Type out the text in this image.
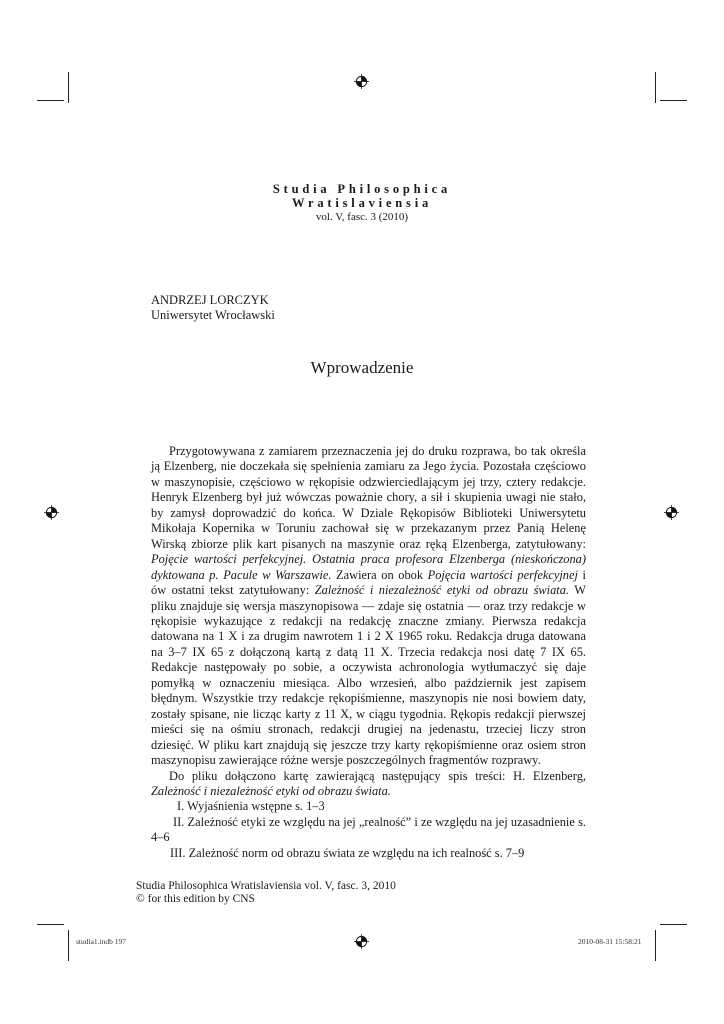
Studia Philosophica
Wratislaviensia
vol. V, fasc. 3 (2010)
ANDRZEJ LORCZYK
Uniwersytet Wrocławski
Wprowadzenie

Przygotowywana z zamiarem przeznaczenia jej do druku rozprawa, bo tak określa ją Elzenberg, nie doczekała się spełnienia zamiaru za Jego życia. Pozostała częściowo w maszynopisie, częściowo w rękopisie odzwierciedlającym jej trzy, cztery redakcje. Henryk Elzenberg był już wówczas poważnie chory, a sił i skupienia uwagi nie stało, by zamysł doprowadzić do końca. W Dziale Rękopisów Biblioteki Uniwersytetu Mikołaja Kopernika w Toruniu zachował się w przekazanym przez Panią Helenę Wirską zbiorze plik kart pisanych na maszynie oraz ręką Elzenberga, zatytułowany: Pojęcie wartości perfekcyjnej. Ostatnia praca profesora Elzenberga (nieskończona) dyktowana p. Pacule w Warszawie. Zawiera on obok Pojęcia wartości perfekcyjnej i ów ostatni tekst zatytułowany: Zależność i niezależność etyki od obrazu świata. W pliku znajduje się wersja maszynopisowa — zdaje się ostatnia — oraz trzy redakcje w rękopisie wykazujące z redakcji na redakcję znaczne zmiany. Pierwsza redakcja datowana na 1 X i za drugim nawrotem 1 i 2 X 1965 roku. Redakcja druga datowana na 3–7 IX 65 z dołączoną kartą z datą 11 X. Trzecia redakcja nosi datę 7 IX 65. Redakcje następowały po sobie, a oczywista achronologia wytłumaczyć się daje pomyłką w oznaczeniu miesiąca. Albo wrzesień, albo październik jest zapisem błędnym. Wszystkie trzy redakcje rękopiśmienne, maszynopis nie nosi bowiem daty, zostały spisane, nie licząc karty z 11 X, w ciągu tygodnia. Rękopis redakcji pierwszej mieści się na ośmiu stronach, redakcji drugiej na jedenastu, trzeciej liczy stron dziesięć. W pliku kart znajdują się jeszcze trzy karty rękopiśmienne oraz osiem stron maszynopisu zawierające różne wersje poszczególnych fragmentów rozprawy.

Do pliku dołączono kartę zawierającą następujący spis treści: H. Elzenberg, Zależność i niezależność etyki od obrazu świata.

I. Wyjaśnienia wstępne s. 1–3
II. Zależność etyki ze względu na jej „realność” i ze względu na jej uzasadnienie s. 4–6
III. Zależność norm od obrazu świata ze względu na ich realność s. 7–9
Studia Philosophica Wratislaviensia vol. V, fasc. 3, 2010
© for this edition by CNS
studia1.indb 197	2010-08-31 15:58:21
